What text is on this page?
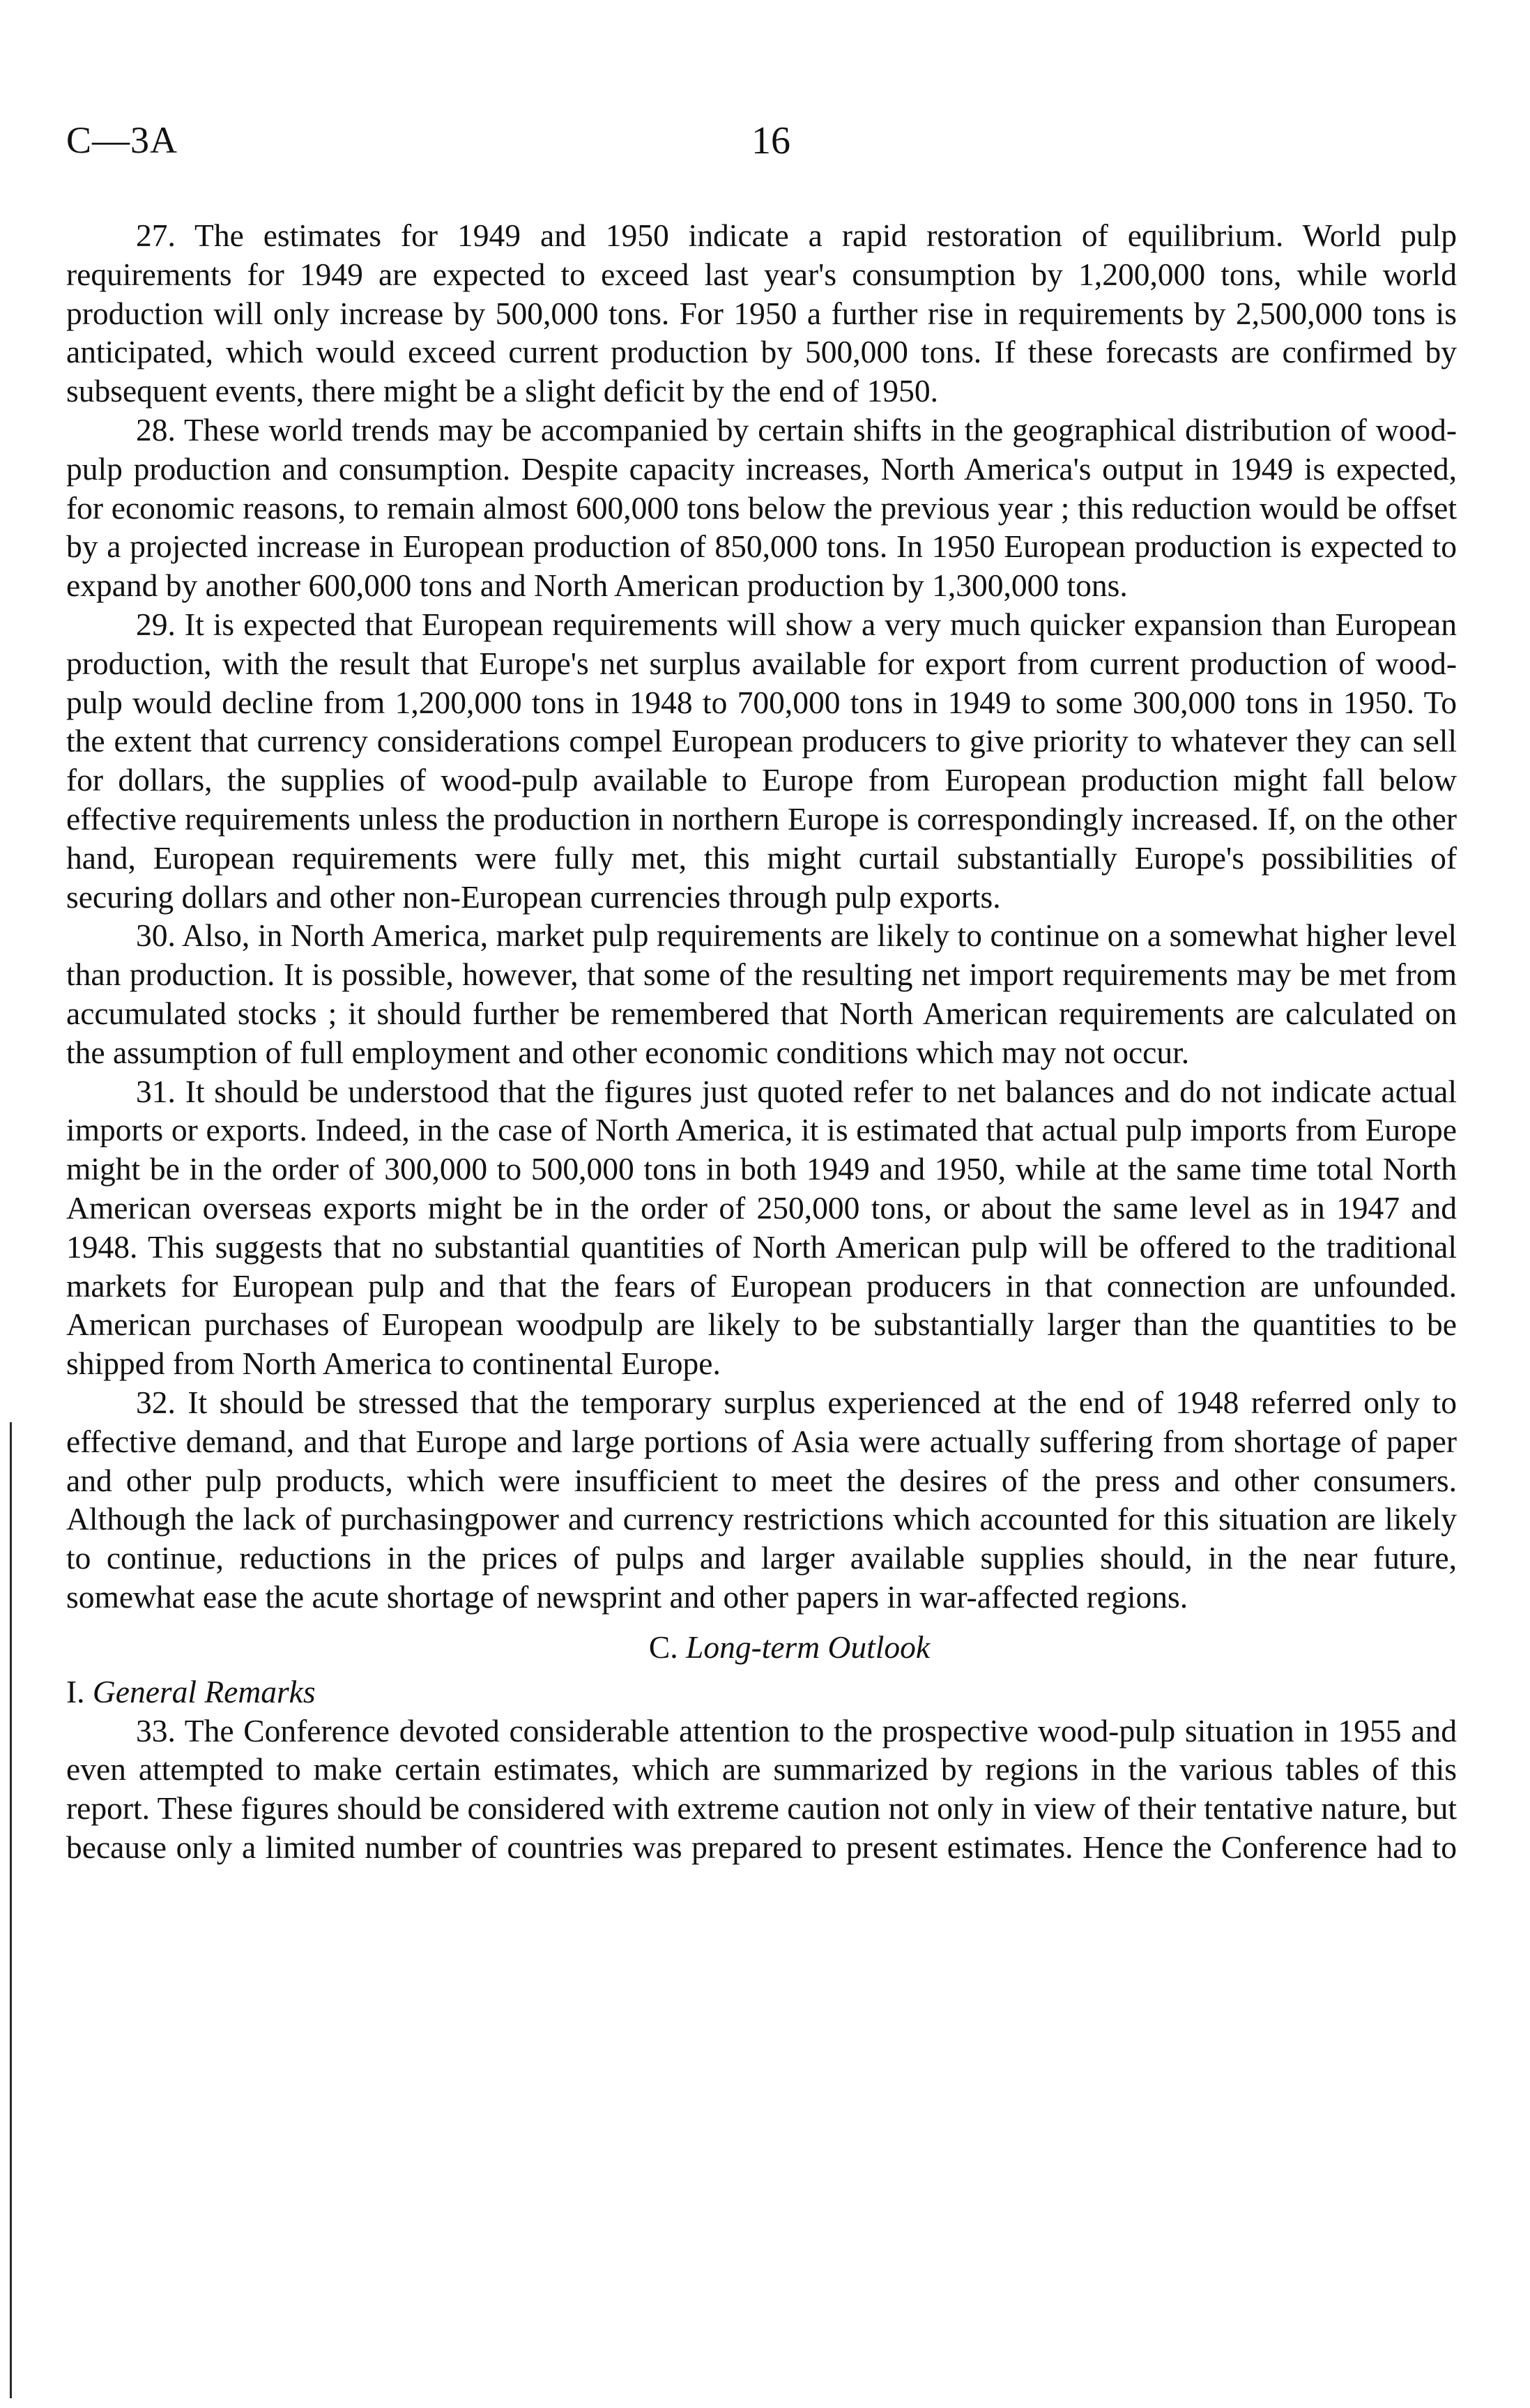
C—3A	16

27. The estimates for 1949 and 1950 indicate a rapid restoration of equilibrium. World pulp requirements for 1949 are expected to exceed last year's consumption by 1,200,000 tons, while world production will only increase by 500,000 tons. For 1950 a further rise in requirements by 2,500,000 tons is anticipated, which would exceed current production by 500,000 tons. If these forecasts are confirmed by subsequent events, there might be a slight deficit by the end of 1950.

28. These world trends may be accompanied by certain shifts in the geographical distribution of wood-pulp production and consumption. Despite capacity increases, North America's output in 1949 is expected, for economic reasons, to remain almost 600,000 tons below the previous year ; this reduction would be offset by a projected increase in European production of 850,000 tons. In 1950 European production is expected to expand by another 600,000 tons and North American production by 1,300,000 tons.

29. It is expected that European requirements will show a very much quicker expansion than European production, with the result that Europe's net surplus available for export from current production of wood-pulp would decline from 1,200,000 tons in 1948 to 700,000 tons in 1949 to some 300,000 tons in 1950. To the extent that currency considerations compel European producers to give priority to whatever they can sell for dollars, the supplies of wood-pulp available to Europe from European production might fall below effective requirements unless the production in northern Europe is correspondingly increased. If, on the other hand, European requirements were fully met, this might curtail substantially Europe's possibilities of securing dollars and other non-European currencies through pulp exports.

30. Also, in North America, market pulp requirements are likely to continue on a somewhat higher level than production. It is possible, however, that some of the resulting net import requirements may be met from accumulated stocks ; it should further be remembered that North American requirements are calculated on the assumption of full employment and other economic conditions which may not occur.

31. It should be understood that the figures just quoted refer to net balances and do not indicate actual imports or exports. Indeed, in the case of North America, it is estimated that actual pulp imports from Europe might be in the order of 300,000 to 500,000 tons in both 1949 and 1950, while at the same time total North American overseas exports might be in the order of 250,000 tons, or about the same level as in 1947 and 1948. This suggests that no substantial quantities of North American pulp will be offered to the traditional markets for European pulp and that the fears of European producers in that connection are unfounded. American purchases of European woodpulp are likely to be substantially larger than the quantities to be shipped from North America to continental Europe.

32. It should be stressed that the temporary surplus experienced at the end of 1948 referred only to effective demand, and that Europe and large portions of Asia were actually suffering from shortage of paper and other pulp products, which were insufficient to meet the desires of the press and other consumers. Although the lack of purchasingpower and currency restrictions which accounted for this situation are likely to continue, reductions in the prices of pulps and larger available supplies should, in the near future, somewhat ease the acute shortage of newsprint and other papers in war-affected regions.

C. Long-term Outlook
I. General Remarks

33. The Conference devoted considerable attention to the prospective wood-pulp situation in 1955 and even attempted to make certain estimates, which are summarized by regions in the various tables of this report. These figures should be considered with extreme caution not only in view of their tentative nature, but because only a limited number of countries was prepared to present estimates. Hence the Conference had to
